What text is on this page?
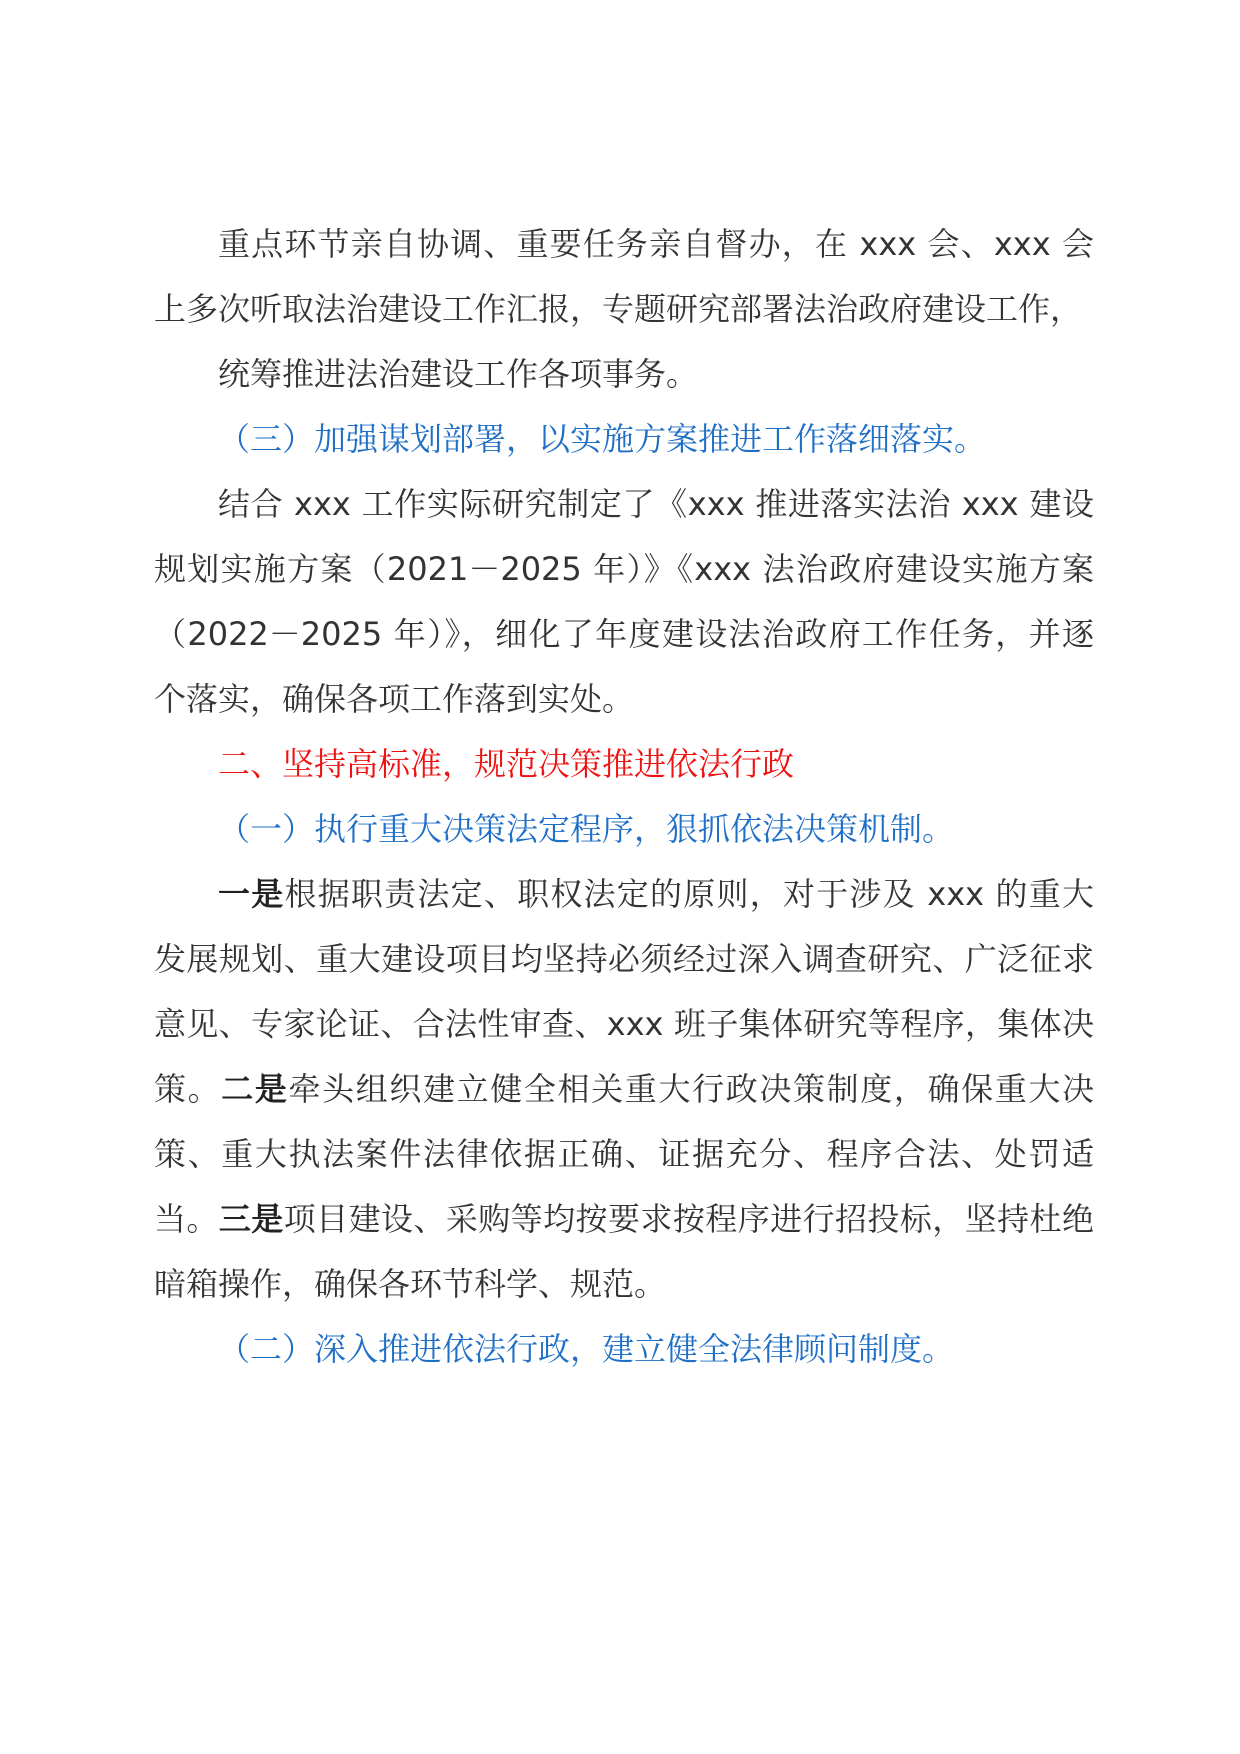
重点环节亲自协调、重要任务亲自督办，在 xxx 会、xxx 会上多次听取法治建设工作汇报，专题研究部署法治政府建设工作，

统筹推进法治建设工作各项事务。

（三）加强谋划部署，以实施方案推进工作落细落实。

结合 xxx 工作实际研究制定了《xxx 推进落实法治 xxx 建设规划实施方案（2021－2025 年）》《xxx 法治政府建设实施方案（2022－2025 年）》，细化了年度建设法治政府工作任务，并逐个落实，确保各项工作落到实处。

二、坚持高标准，规范决策推进依法行政

（一）执行重大决策法定程序，狠抓依法决策机制。

一是根据职责法定、职权法定的原则，对于涉及 xxx 的重大发展规划、重大建设项目均坚持必须经过深入调查研究、广泛征求意见、专家论证、合法性审查、xxx 班子集体研究等程序，集体决策。二是牵头组织建立健全相关重大行政决策制度，确保重大决策、重大执法案件法律依据正确、证据充分、程序合法、处罚适当。三是项目建设、采购等均按要求按程序进行招投标，坚持杜绝暗箱操作，确保各环节科学、规范。

（二）深入推进依法行政，建立健全法律顾问制度。
